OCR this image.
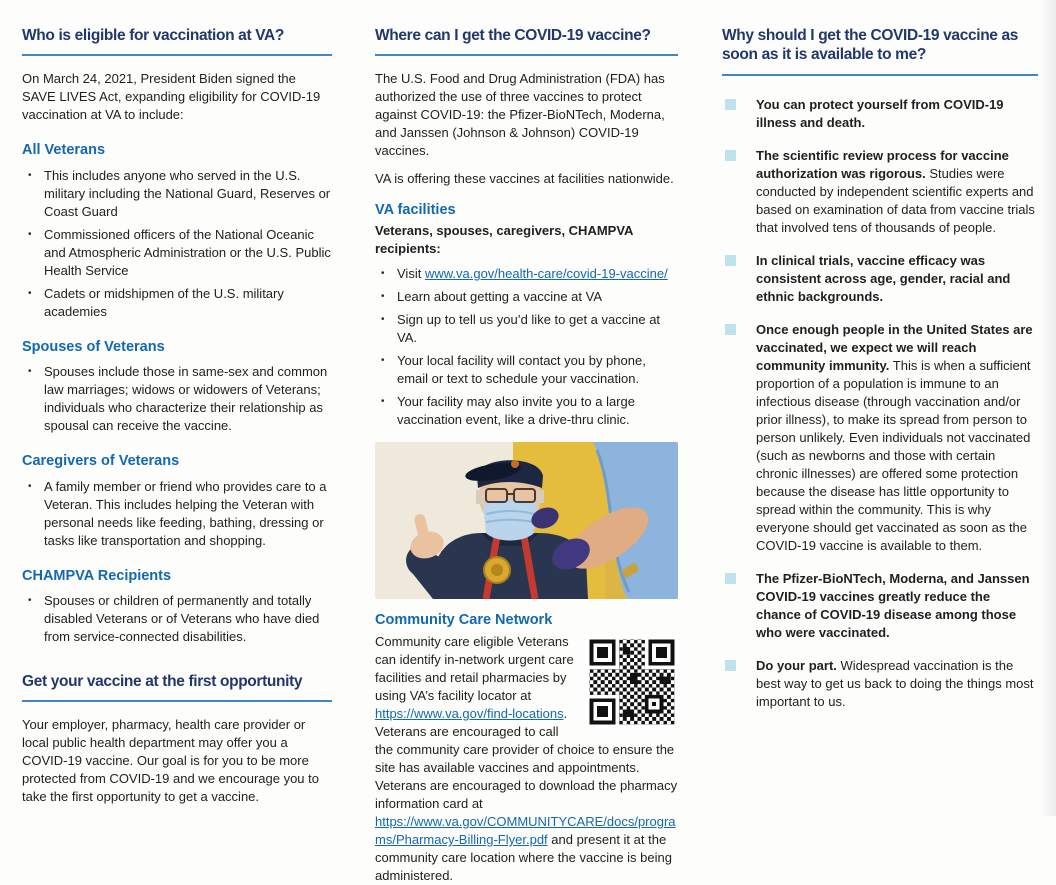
Who is eligible for vaccination at VA?

On March 24, 2021, President Biden signed the SAVE LIVES Act, expanding eligibility for COVID-19 vaccination at VA to include:

All Veterans
• This includes anyone who served in the U.S. military including the National Guard, Reserves or Coast Guard
• Commissioned officers of the National Oceanic and Atmospheric Administration or the U.S. Public Health Service
• Cadets or midshipmen of the U.S. military academies
Spouses of Veterans
• Spouses include those in same-sex and common law marriages; widows or widowers of Veterans; individuals who characterize their relationship as spousal can receive the vaccine.
Caregivers of Veterans
• A family member or friend who provides care to a Veteran. This includes helping the Veteran with personal needs like feeding, bathing, dressing or tasks like transportation and shopping.
CHAMPVA Recipients
• Spouses or children of permanently and totally disabled Veterans or of Veterans who have died from service-connected disabilities.
Get your vaccine at the first opportunity

Your employer, pharmacy, health care provider or local public health department may offer you a COVID-19 vaccine. Our goal is for you to be more protected from COVID-19 and we encourage you to take the first opportunity to get a vaccine.

Where can I get the COVID-19 vaccine?

The U.S. Food and Drug Administration (FDA) has authorized the use of three vaccines to protect against COVID-19: the Pfizer-BioNTech, Moderna, and Janssen (Johnson & Johnson) COVID-19 vaccines.

VA is offering these vaccines at facilities nationwide.

VA facilities

Veterans, spouses, caregivers, CHAMPVA recipients:

• Visit www.va.gov/health-care/covid-19-vaccine/
• Learn about getting a vaccine at VA
• Sign up to tell us you’d like to get a vaccine at VA.
• Your local facility will contact you by phone, email or text to schedule your vaccination.
• Your facility may also invite you to a large vaccination event, like a drive-thru clinic.
Community Care Network

Community care eligible Veterans can identify in-network urgent care facilities and retail pharmacies by using VA’s facility locator at https://www.va.gov/find-locations. Veterans are encouraged to call the community care provider of choice to ensure the site has available vaccines and appointments. Veterans are encouraged to download the pharmacy information card at https://www.va.gov/COMMUNITYCARE/docs/programs/Pharmacy-Billing-Flyer.pdf and present it at the community care location where the vaccine is being administered.

Why should I get the COVID-19 vaccine as soon as it is available to me?
You can protect yourself from COVID-19 illness and death.
The scientific review process for vaccine authorization was rigorous. Studies were conducted by independent scientific experts and based on examination of data from vaccine trials that involved tens of thousands of people.
In clinical trials, vaccine efficacy was consistent across age, gender, racial and ethnic backgrounds.
Once enough people in the United States are vaccinated, we expect we will reach community immunity. This is when a sufficient proportion of a population is immune to an infectious disease (through vaccination and/or prior illness), to make its spread from person to person unlikely. Even individuals not vaccinated (such as newborns and those with certain chronic illnesses) are offered some protection because the disease has little opportunity to spread within the community. This is why everyone should get vaccinated as soon as the COVID-19 vaccine is available to them.
The Pfizer-BioNTech, Moderna, and Janssen COVID-19 vaccines greatly reduce the chance of COVID-19 disease among those who were vaccinated.
Do your part. Widespread vaccination is the best way to get us back to doing the things most important to us.
